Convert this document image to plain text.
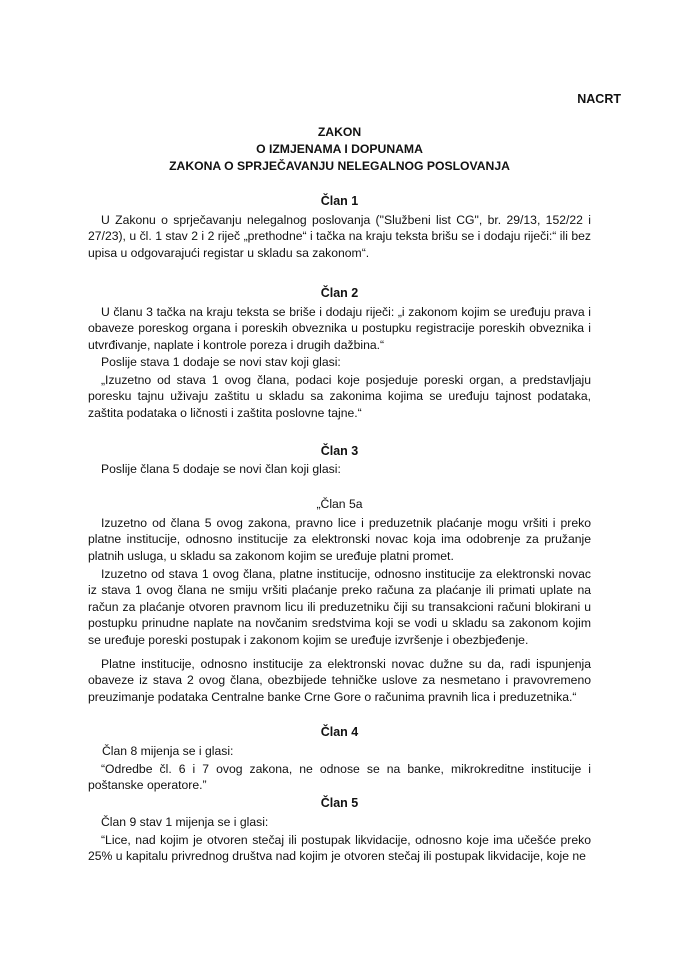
NACRT
ZAKON
O IZMJENAMA I DOPUNAMA
ZAKONA O SPRJEČAVANJU NELEGALNOG POSLOVANJA
Član 1
U Zakonu o sprječavanju nelegalnog poslovanja ("Službeni list CG", br. 29/13, 152/22 i 27/23), u čl. 1 stav 2 i 2 riječ „prethodne“ i tačka na kraju teksta brišu se i dodaju riječi:“ ili bez upisa u odgovarajući registar u skladu sa zakonom“.
Član 2
U članu 3 tačka na kraju teksta se briše i dodaju riječi: „i zakonom kojim se uređuju prava i obaveze poreskog organa i poreskih obveznika u postupku registracije poreskih obveznika i utvrđivanje, naplate i kontrole poreza i drugih dažbina.“
Poslije stava 1 dodaje se novi stav koji glasi:
„Izuzetno od stava 1 ovog člana, podaci koje posjeduje poreski organ, a predstavljaju poresku tajnu uživaju zaštitu u skladu sa zakonima kojima se uređuju tajnost podataka, zaštita podataka o ličnosti i zaštita poslovne tajne.“
Član 3
Poslije člana 5 dodaje se novi član koji glasi:
„Član 5a
Izuzetno od člana 5 ovog zakona, pravno lice i preduzetnik plaćanje mogu vršiti i preko platne institucije, odnosno institucije za elektronski novac koja ima odobrenje za pružanje platnih usluga, u skladu sa zakonom kojim se uređuje platni promet.
Izuzetno od stava 1 ovog člana, platne institucije, odnosno institucije za elektronski novac iz stava 1 ovog člana ne smiju vršiti plaćanje preko računa za plaćanje ili primati uplate na račun za plaćanje otvoren pravnom licu ili preduzetniku čiji su transakcioni računi blokirani u postupku prinudne naplate na novčanim sredstvima koji se vodi u skladu sa zakonom kojim se uređuje poreski postupak i zakonom kojim se uređuje izvršenje i obezbjeđenje.
Platne institucije, odnosno institucije za elektronski novac dužne su da, radi ispunjenja obaveze iz stava 2 ovog člana, obezbijede tehničke uslove za nesmetano i pravovremeno preuzimanje podataka Centralne banke Crne Gore o računima pravnih lica i preduzetnika.“
Član 4
Član 8 mijenja se i glasi:
“Odredbe čl. 6 i 7 ovog zakona, ne odnose se na banke, mikrokreditne institucije i poštanske operatore.”
Član 5
Član 9 stav 1 mijenja se i glasi:
“Lice, nad kojim je otvoren stečaj ili postupak likvidacije, odnosno koje ima učešće preko 25% u kapitalu privrednog društva nad kojim je otvoren stečaj ili postupak likvidacije, koje ne
